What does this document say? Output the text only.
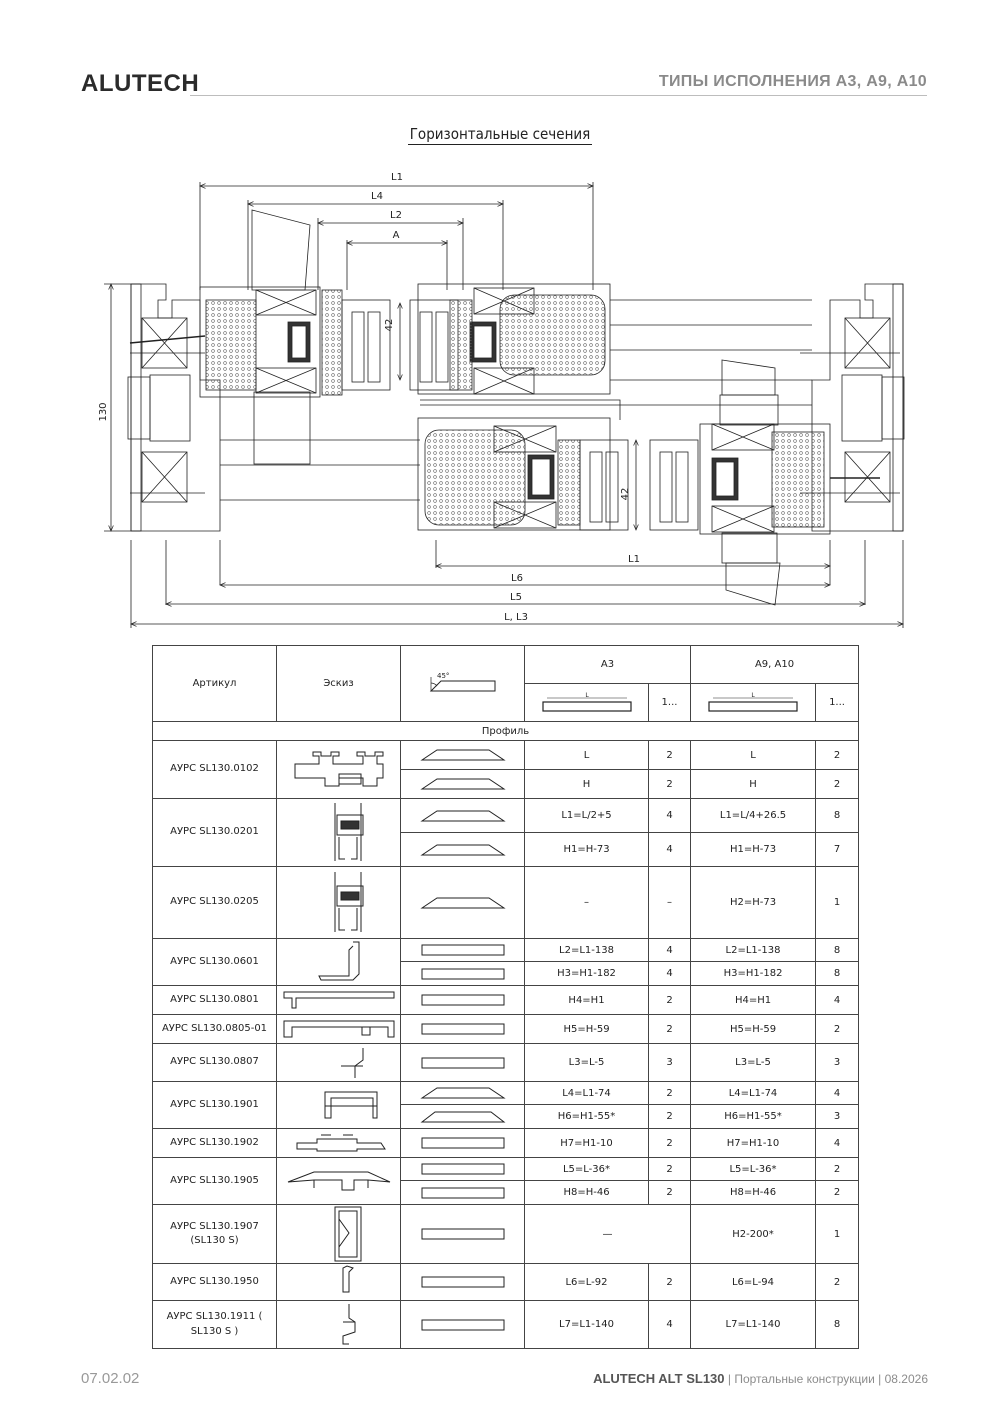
ALUTECH	ТИПЫ ИСПОЛНЕНИЯ А3, А9, А10
Горизонтальные сечения
L1
L4
L2
A
130
42
42
L1
L6
L5
L, L3
Артикул	Эскиз	45°	А3		А9, А10	

L	1...	L	1...
Профиль						
АУРС SL130.0102			L	2	L	2

	H	2	H	2
АУРС SL130.0201			L1=L/2+5	4	L1=L/4+26.5	8

	H1=H-73	4	H1=H-73	7
АУРС SL130.0205			–	–	H2=H-73	1
АУРС SL130.0601			L2=L1-138	4	L2=L1-138	8

	H3=H1-182	4	H3=H1-182	8
АУРС SL130.0801			H4=H1	2	H4=H1	4
АУРС SL130.0805-01			H5=H-59	2	H5=H-59	2
АУРС SL130.0807			L3=L-5	3	L3=L-5	3
АУРС SL130.1901			L4=L1-74	2	L4=L1-74	4

	H6=H1-55*	2	H6=H1-55*	3
АУРС SL130.1902			H7=H1-10	2	H7=H1-10	4
АУРС SL130.1905			L5=L-36*	2	L5=L-36*	2

	H8=H-46	2	H8=H-46	2
АУРС SL130.1907 (SL130 S)			—		H2-200*	1
АУРС SL130.1950			L6=L-92	2	L6=L-94	2
АУРС SL130.1911 ( SL130 S )			L7=L1-140	4	L7=L1-140	8
07.02.02	ALUTECH ALT SL130 | Портальные конструкции | 08.2026
